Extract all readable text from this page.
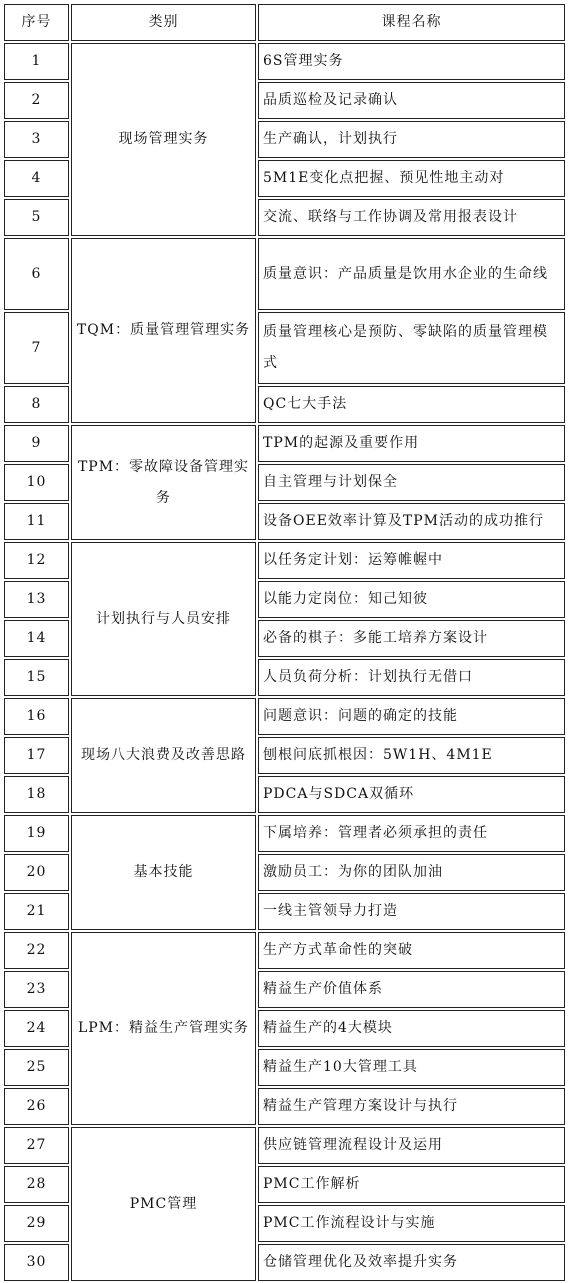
序号	类别	课程名称
1	现场管理实务	6S管理实务
2		品质巡检及记录确认
3		生产确认，计划执行
4		5M1E变化点把握、预见性地主动对
5		交流、联络与工作协调及常用报表设计
6	TQM：质量管理管理实务	质量意识：产品质量是饮用水企业的生命线
7		质量管理核心是预防、零缺陷的质量管理模式
8		QC七大手法
9	TPM：零故障设备管理实务	TPM的起源及重要作用
10		自主管理与计划保全
11		设备OEE效率计算及TPM活动的成功推行
12	计划执行与人员安排	以任务定计划：运筹帷幄中
13		以能力定岗位：知己知彼
14		必备的棋子：多能工培养方案设计
15		人员负荷分析：计划执行无借口
16	现场八大浪费及改善思路	问题意识：问题的确定的技能
17		刨根问底抓根因：5W1H、4M1E
18		PDCA与SDCA双循环
19	基本技能	下属培养：管理者必须承担的责任
20		激励员工：为你的团队加油
21		一线主管领导力打造
22	LPM：精益生产管理实务	生产方式革命性的突破
23		精益生产价值体系
24		精益生产的4大模块
25		精益生产10大管理工具
26		精益生产管理方案设计与执行
27	PMC管理	供应链管理流程设计及运用
28		PMC工作解析
29		PMC工作流程设计与实施
30		仓储管理优化及效率提升实务
